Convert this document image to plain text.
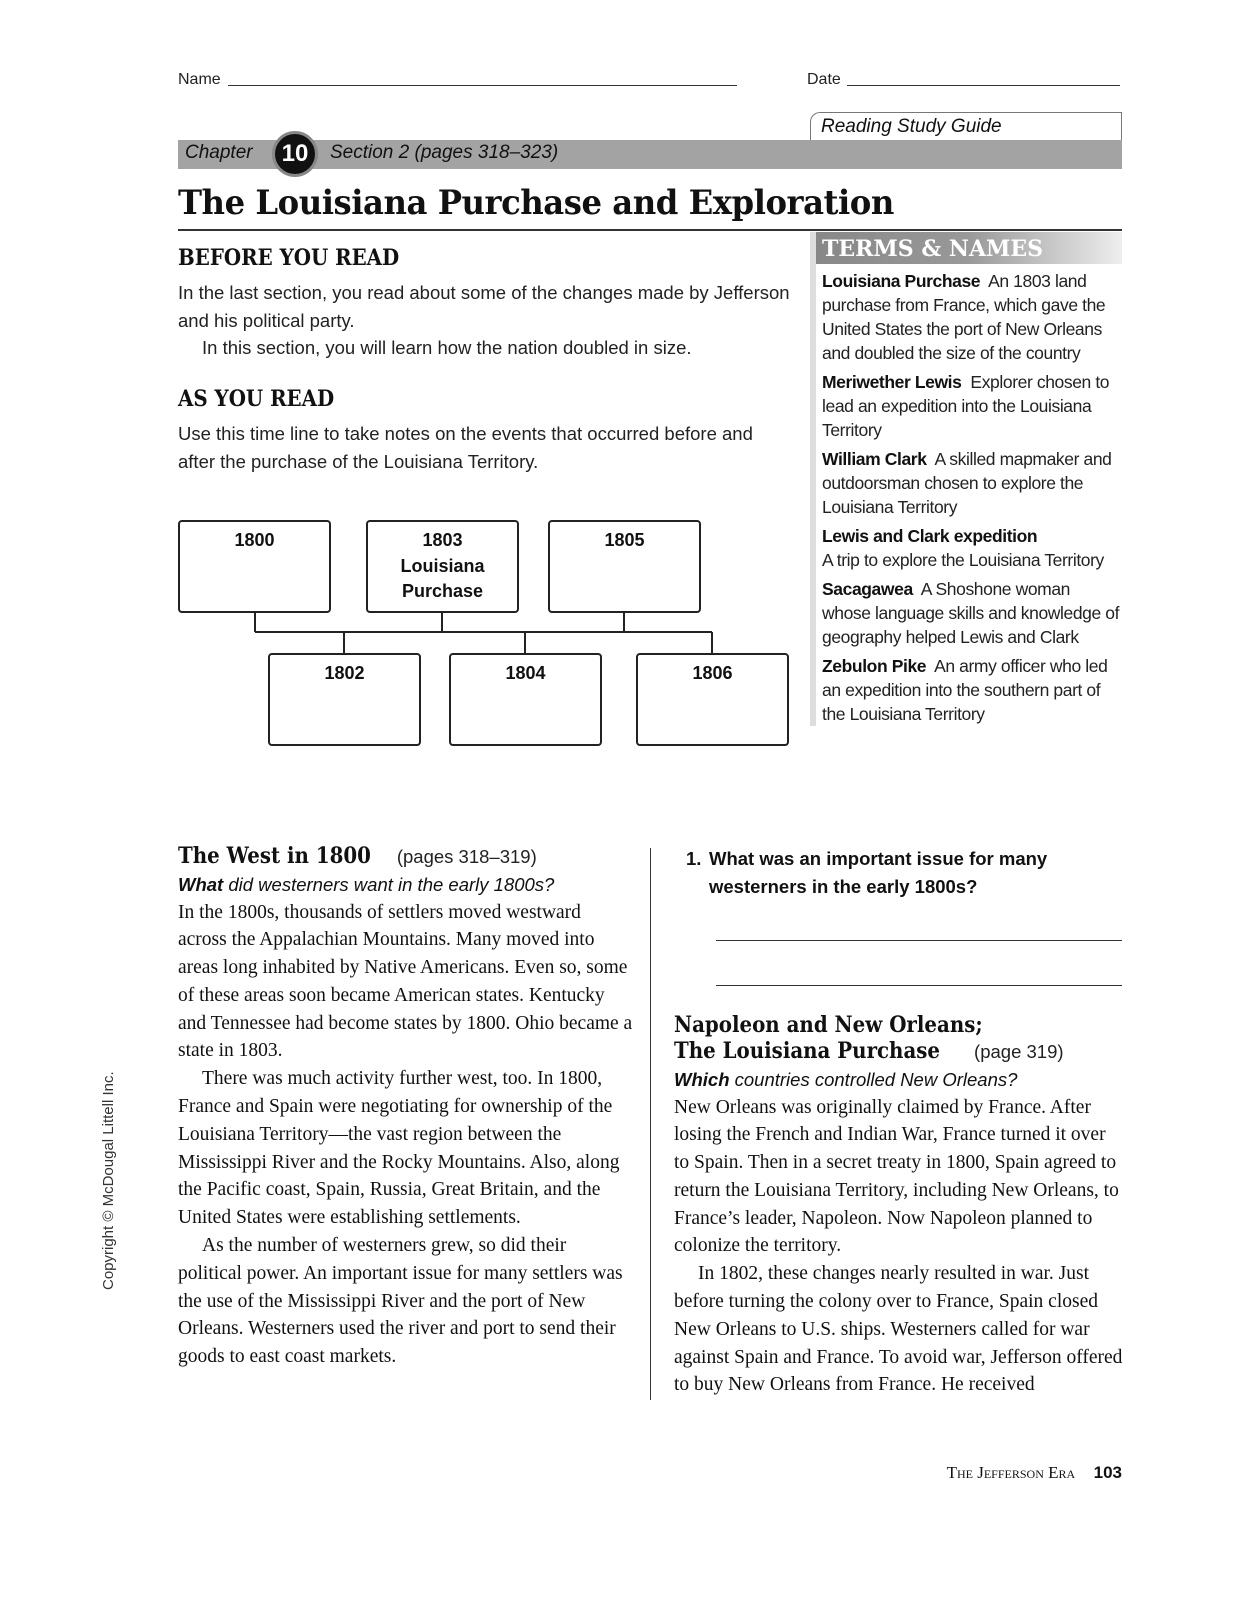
Name	Date
Reading Study Guide
Chapter	10	Section 2 (pages 318–323)
The Louisiana Purchase and Exploration
BEFORE YOU READ

In the last section, you read about some of the changes made by Jefferson and his political party.

In this section, you will learn how the nation doubled in size.

AS YOU READ

Use this time line to take notes on the events that occurred before and after the purchase of the Louisiana Territory.

1800	1803
Louisiana
Purchase
1805
1802	1804	1806
TERMS & NAMES
Louisiana Purchase An 1803 land purchase from France, which gave the United States the port of New Orleans and doubled the size of the country
Meriwether Lewis Explorer chosen to lead an expedition into the Louisiana Territory
William Clark A skilled mapmaker and outdoorsman chosen to explore the Louisiana Territory
Lewis and Clark expedition
A trip to explore the Louisiana Territory
Sacagawea A Shoshone woman whose language skills and knowledge of geography helped Lewis and Clark
Zebulon Pike An army officer who led an expedition into the southern part of the Louisiana Territory
The West in 1800 (pages 318–319)
What did westerners want in the early 1800s?

In the 1800s, thousands of settlers moved westward across the Appalachian Mountains. Many moved into areas long inhabited by Native Americans. Even so, some of these areas soon became American states. Kentucky and Tennessee had become states by 1800. Ohio became a state in 1803.

There was much activity further west, too. In 1800, France and Spain were negotiating for ownership of the Louisiana Territory—the vast region between the Mississippi River and the Rocky Mountains. Also, along the Pacific coast, Spain, Russia, Great Britain, and the United States were establishing settlements.

As the number of westerners grew, so did their political power. An important issue for many settlers was the use of the Mississippi River and the port of New Orleans. Westerners used the river and port to send their goods to east coast markets.

1. What was an important issue for many westerners in the early 1800s?
Napoleon and New Orleans;
The Louisiana Purchase (page 319)
Which countries controlled New Orleans?

New Orleans was originally claimed by France. After losing the French and Indian War, France turned it over to Spain. Then in a secret treaty in 1800, Spain agreed to return the Louisiana Territory, including New Orleans, to France’s leader, Napoleon. Now Napoleon planned to colonize the territory.

In 1802, these changes nearly resulted in war. Just before turning the colony over to France, Spain closed New Orleans to U.S. ships. Westerners called for war against Spain and France. To avoid war, Jefferson offered to buy New Orleans from France. He received

Copyright © McDougal Littell Inc.
The Jefferson Era 103
